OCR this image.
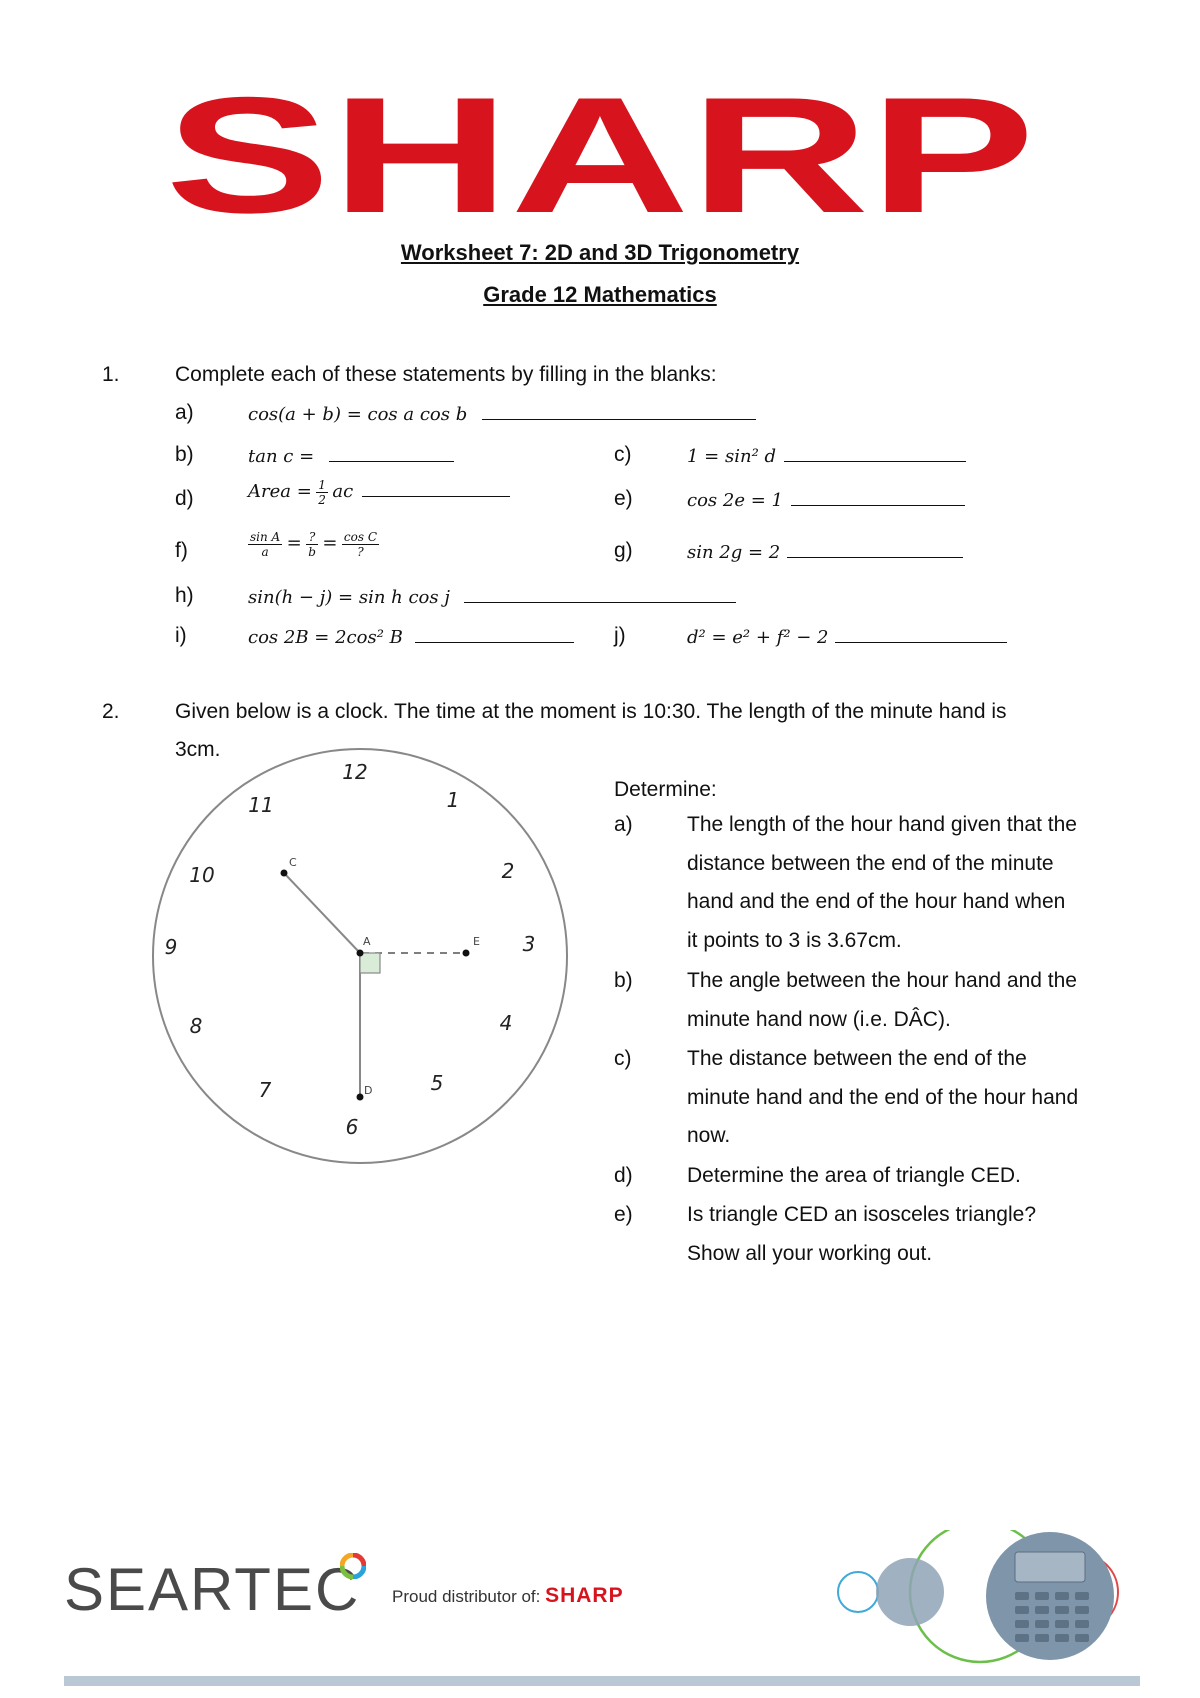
SHARP
Worksheet 7: 2D and 3D Trigonometry
Grade 12 Mathematics
1.	Complete each of these statements by filling in the blanks:
a)	cos(a + b) = cos a cos b
b)	tan c =	c)	1 = sin² d
d)	Area = $\frac{1}{2}$ ac	e)	cos 2e = 1
f)	$\frac{\text{sin A}}{a} = \frac{?}{b} = \frac{\text{cos C}}{?}$	g)	sin 2g = 2
h)	sin(h − j) = sin h cos j
i)	cos 2B = 2cos² B	j)	d² = e² + f² − 2
2.	Given below is a clock. The time at the moment is 10:30. The length of the minute hand is
3cm.
12
1
2
3
4
5
6
7
8
9
10
11
A
C
D
E
Determine:
a)	The length of the hour hand given that the
distance between the end of the minute
hand and the end of the hour hand when
it points to 3 is 3.67cm.
b)	The angle between the hour hand and the
minute hand now (i.e. DÂC).
c)	The distance between the end of the
minute hand and the end of the hour hand
now.
d)	Determine the area of triangle CED.
e)	Is triangle CED an isosceles triangle?
Show all your working out.
SEARTEC Proud distributor of: SHARP
